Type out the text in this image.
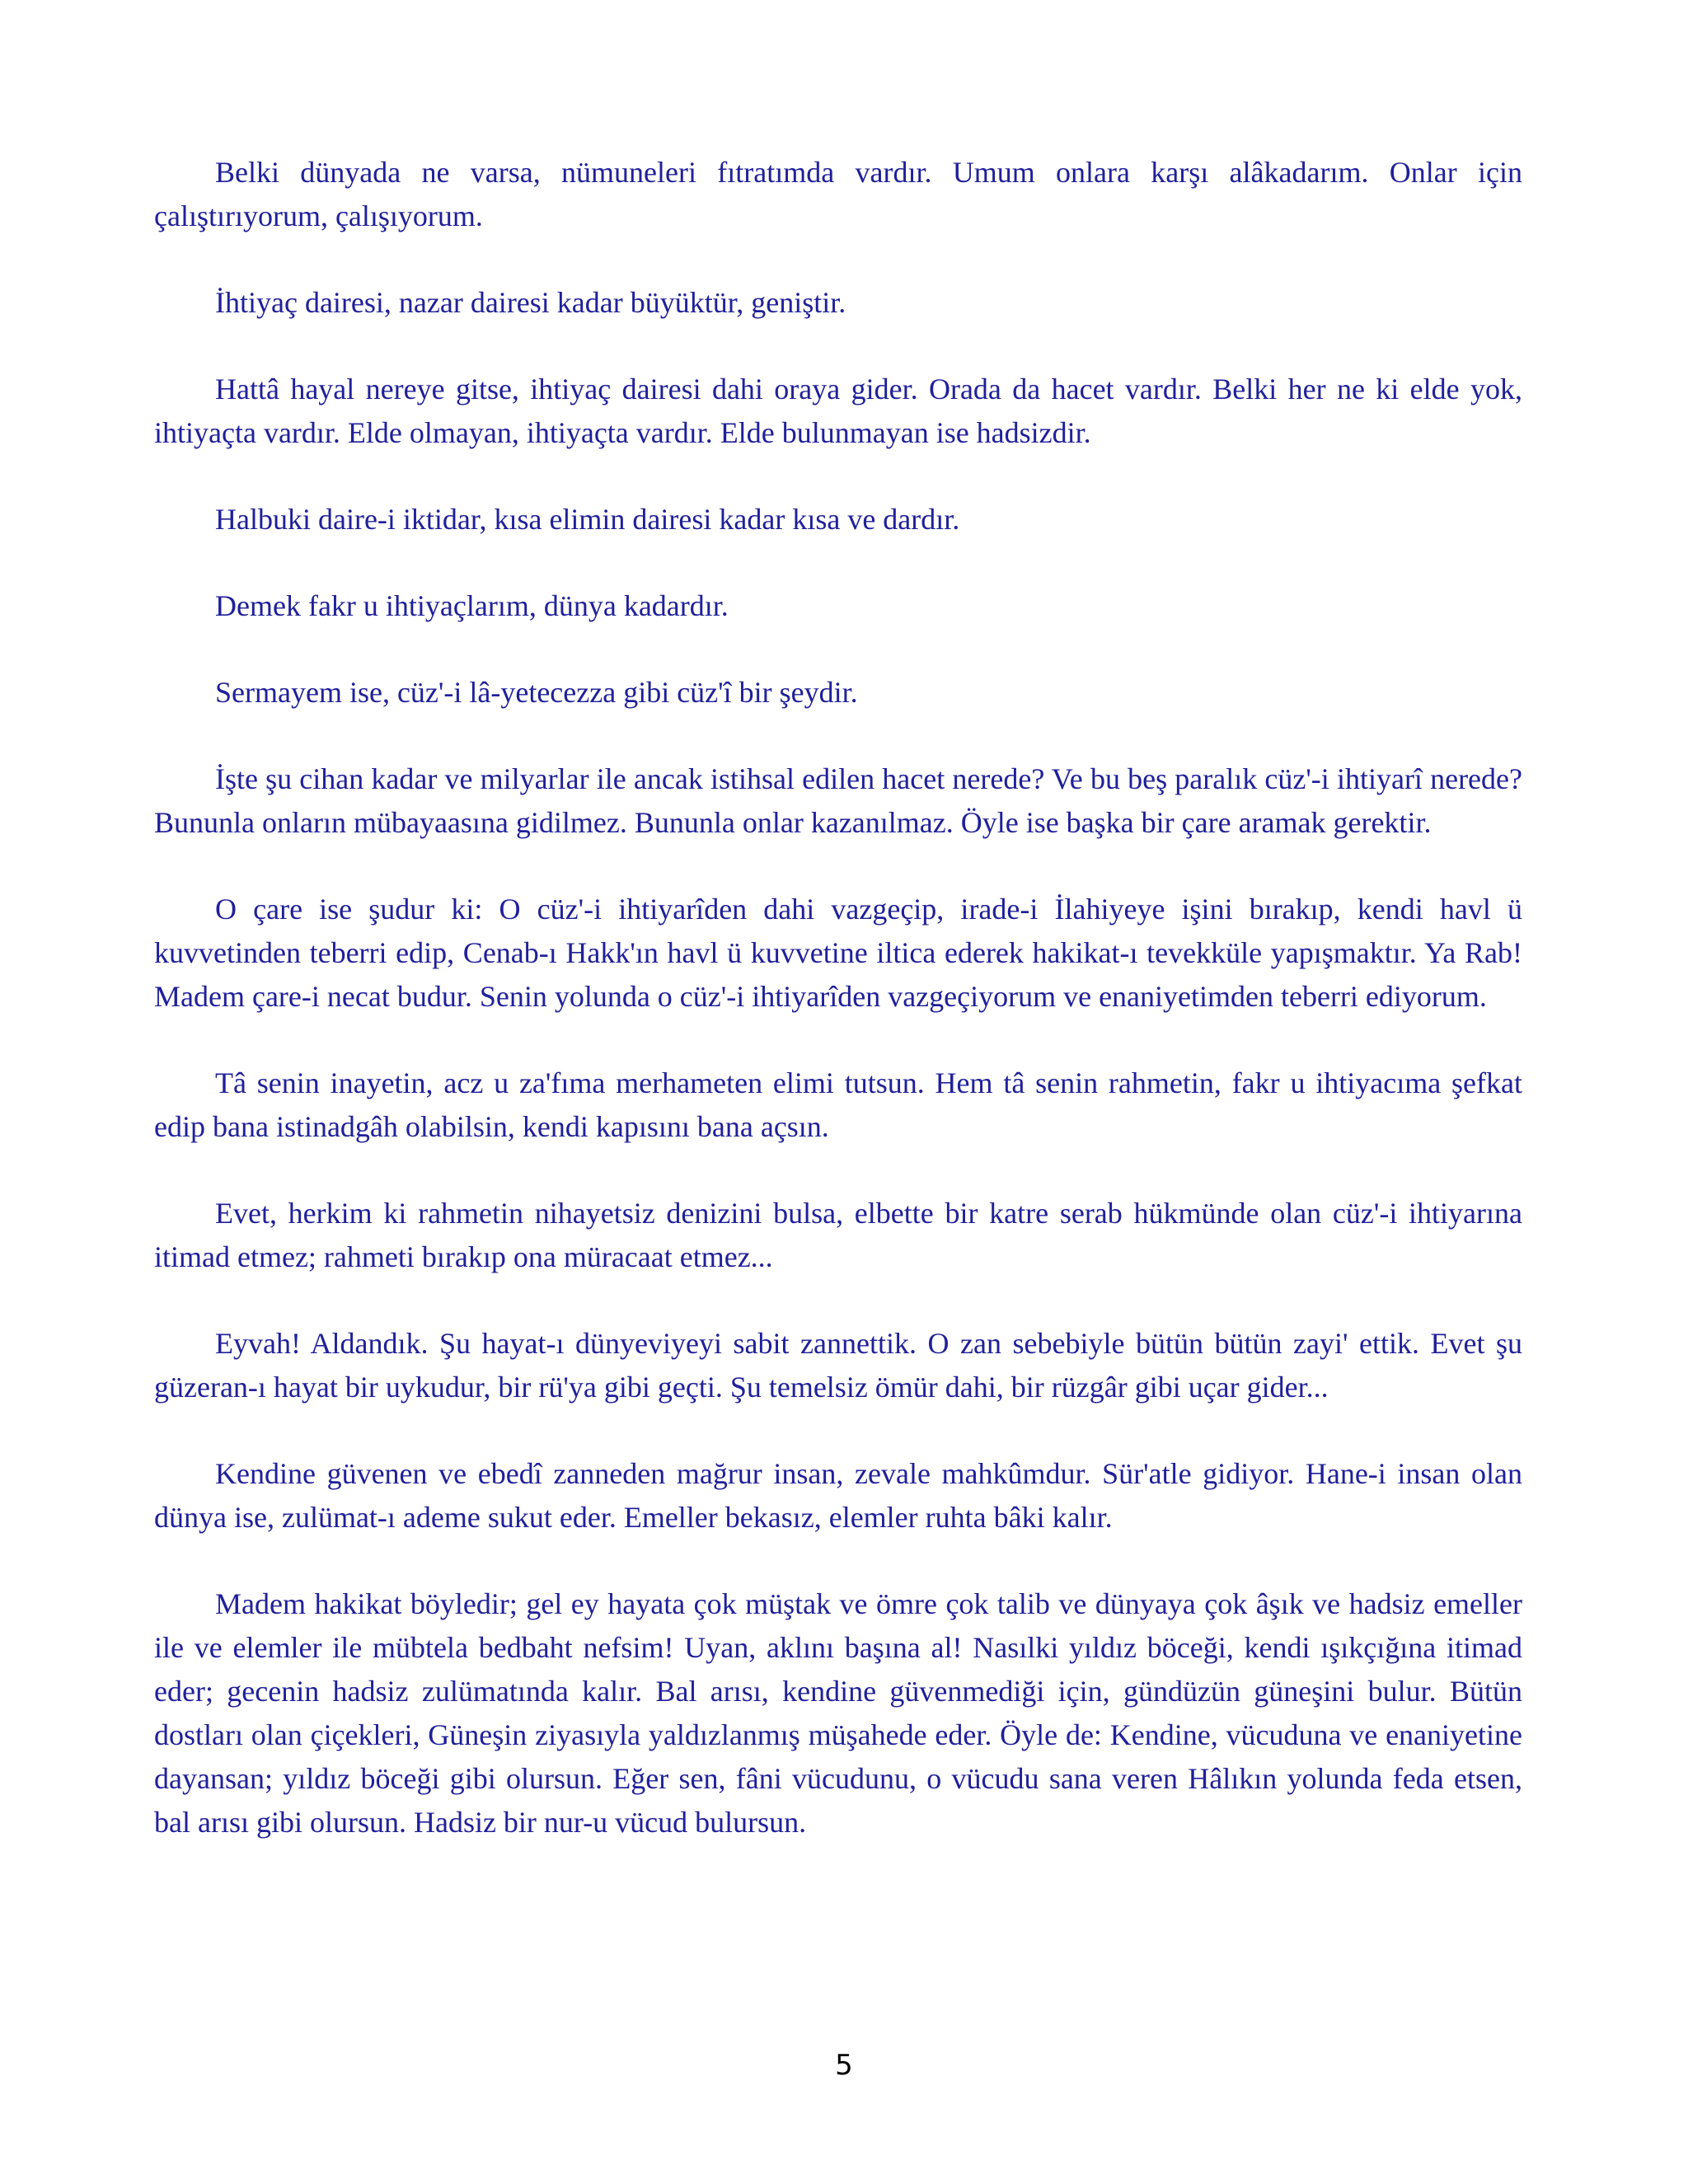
Belki dünyada ne varsa, nümuneleri fıtratımda vardır. Umum onlara karşı alâkadarım. Onlar için çalıştırıyorum, çalışıyorum.

İhtiyaç dairesi, nazar dairesi kadar büyüktür, geniştir.

Hattâ hayal nereye gitse, ihtiyaç dairesi dahi oraya gider. Orada da hacet vardır. Belki her ne ki elde yok, ihtiyaçta vardır. Elde olmayan, ihtiyaçta vardır. Elde bulunmayan ise hadsizdir.

Halbuki daire-i iktidar, kısa elimin dairesi kadar kısa ve dardır.

Demek fakr u ihtiyaçlarım, dünya kadardır.

Sermayem ise, cüz'-i lâ-yetecezza gibi cüz'î bir şeydir.

İşte şu cihan kadar ve milyarlar ile ancak istihsal edilen hacet nerede? Ve bu beş paralık cüz'-i ihtiyarî nerede? Bununla onların mübayaasına gidilmez. Bununla onlar kazanılmaz. Öyle ise başka bir çare aramak gerektir.

O çare ise şudur ki: O cüz'-i ihtiyarîden dahi vazgeçip, irade-i İlahiyeye işini bırakıp, kendi havl ü kuvvetinden teberri edip, Cenab-ı Hakk'ın havl ü kuvvetine iltica ederek hakikat-ı tevekküle yapışmaktır. Ya Rab! Madem çare-i necat budur. Senin yolunda o cüz'-i ihtiyarîden vazgeçiyorum ve enaniyetimden teberri ediyorum.

Tâ senin inayetin, acz u za'fıma merhameten elimi tutsun. Hem tâ senin rahmetin, fakr u ihtiyacıma şefkat edip bana istinadgâh olabilsin, kendi kapısını bana açsın.

Evet, herkim ki rahmetin nihayetsiz denizini bulsa, elbette bir katre serab hükmünde olan cüz'-i ihtiyarına itimad etmez; rahmeti bırakıp ona müracaat etmez...

Eyvah! Aldandık. Şu hayat-ı dünyeviyeyi sabit zannettik. O zan sebebiyle bütün bütün zayi' ettik. Evet şu güzeran-ı hayat bir uykudur, bir rü'ya gibi geçti. Şu temelsiz ömür dahi, bir rüzgâr gibi uçar gider...

Kendine güvenen ve ebedî zanneden mağrur insan, zevale mahkûmdur. Sür'atle gidiyor. Hane-i insan olan dünya ise, zulümat-ı ademe sukut eder. Emeller bekasız, elemler ruhta bâki kalır.

Madem hakikat böyledir; gel ey hayata çok müştak ve ömre çok talib ve dünyaya çok âşık ve hadsiz emeller ile ve elemler ile mübtela bedbaht nefsim! Uyan, aklını başına al! Nasılki yıldız böceği, kendi ışıkçığına itimad eder; gecenin hadsiz zulümatında kalır. Bal arısı, kendine güvenmediği için, gündüzün güneşini bulur. Bütün dostları olan çiçekleri, Güneşin ziyasıyla yaldızlanmış müşahede eder. Öyle de: Kendine, vücuduna ve enaniyetine dayansan; yıldız böceği gibi olursun. Eğer sen, fâni vücudunu, o vücudu sana veren Hâlıkın yolunda feda etsen, bal arısı gibi olursun. Hadsiz bir nur-u vücud bulursun.

5
